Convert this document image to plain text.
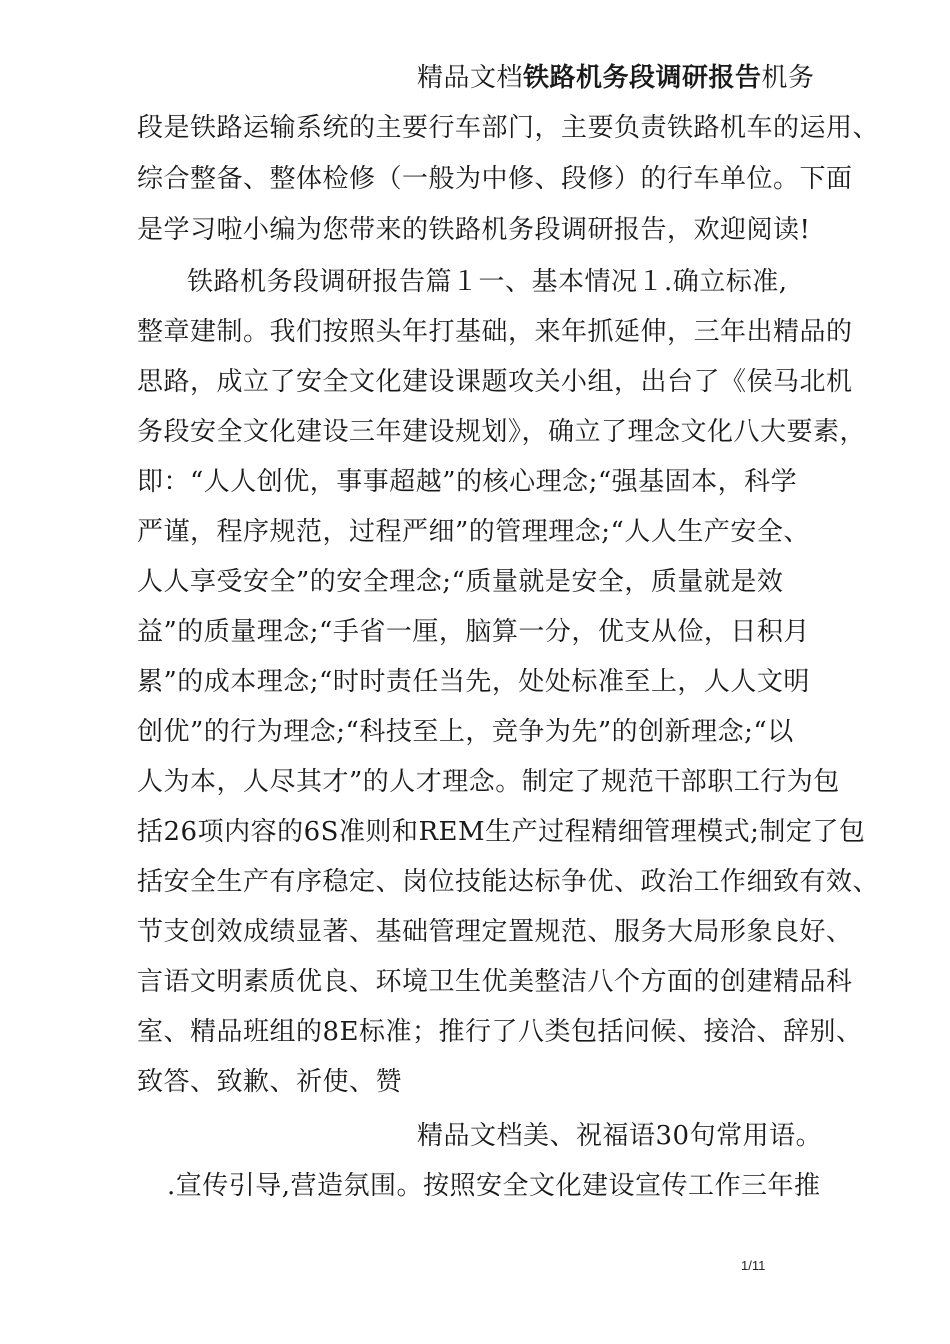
精品文档铁路机务段调研报告机务
段是铁路运输系统的主要行车部门，主要负责铁路机车的运用、
综合整备、整体检修（一般为中修、段修）的行车单位。下面
是学习啦小编为您带来的铁路机务段调研报告，欢迎阅读!
铁路机务段调研报告篇１一、基本情况１.确立标准,
整章建制。我们按照头年打基础，来年抓延伸，三年出精品的
思路，成立了安全文化建设课题攻关小组，出台了《侯马北机
务段安全文化建设三年建设规划》，确立了理念文化八大要素，
即：“人人创优，事事超越”的核心理念;“强基固本，科学
严谨，程序规范，过程严细”的管理理念;“人人生产安全、
人人享受安全”的安全理念;“质量就是安全，质量就是效
益”的质量理念;“手省一厘，脑算一分，优支从俭，日积月
累”的成本理念;“时时责任当先，处处标准至上，人人文明
创优”的行为理念;“科技至上，竞争为先”的创新理念;“以
人为本，人尽其才”的人才理念。制定了规范干部职工行为包
括26项内容的6S准则和REM生产过程精细管理模式;制定了包
括安全生产有序稳定、岗位技能达标争优、政治工作细致有效、
节支创效成绩显著、基础管理定置规范、服务大局形象良好、
言语文明素质优良、环境卫生优美整洁八个方面的创建精品科
室、精品班组的8E标准；推行了八类包括问候、接洽、辞别、
致答、致歉、祈使、赞
精品文档美、祝福语30句常用语。
.宣传引导,营造氛围。按照安全文化建设宣传工作三年推
1/11
